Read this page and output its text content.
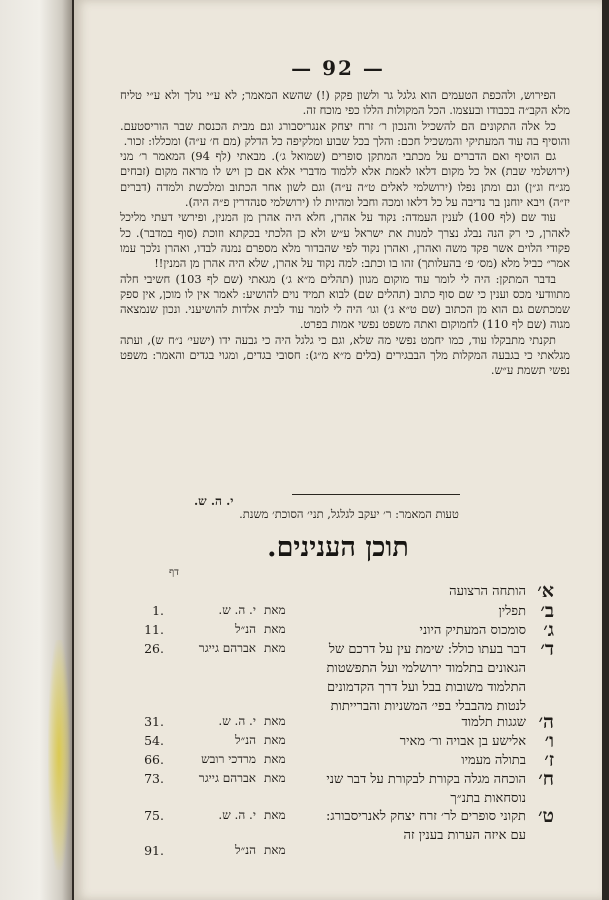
— 92 —

הפירוש, ולהכפת הטעמים הוא גלגל גר ולשון פקק (!) שהשא המאמר; לא ע״י נולך ולא ע״י טליח מלא הקב״ה בכבודו ובעצמו. הכל המקולות הללו כפי מוכח זה.

כל אלה התקונים הם להשכיל והנכון ר׳ זרח יצחק אנגריסבורג וגם מבית הכנסת שבר הוריסטעם. והוסיף בה עוד המעתיקי והמשכיל חכם: והלך בכל שבוע ומלקיפה כל הדלק (מם ח׳ ע״ה) ומכללו: זכור.

גם הוסיף ואם הדברים על מכתבי המתקן סופרים (שמואל ג׳). מבאתי (לף 94) המאמר ר׳ מני (ירושלמי שבת) אל כל מקום דלאו לאמת אלא ללמוד מדברי אלא אם כן ויש לו מראה מקום (זבחים מג״ח וג״ן) וגם ומתן נפלו (ירושלמי לאלים ט״ה ע״ה) וגם לשון אחר הכתוב ומלכשת ולמדה (דברים יז״ה) ויבא יוחנן בר נדיבה על כל דלאו ומכה וחבל ומהיות לו (ירושלמי סנהדרין פ״ה היה).

עוד שם (לף 100) לענין העמדה: נקוד על אהרן, חלא היה אהרן מן המנין, ופירשי דעתי מליכל לאהרן, כי רק הנה נבלג נצרך למנות את ישראל ע״ש ולא כן הלכתי בכקתא וזוכת (סוף במדבר). כל פקודי הלוים אשר פקד משה ואהרן, ואהרן נקוד לפי שהבדור מלא מספרם נמנה לבדו, ואהרן נלכך עמו אמר״ כביל מלא (מס׳ פ׳ בהעלותך) זהו בו וכתב: למה נקוד על אהרן, שלא היה אהרן מן המנין!!

בדבר המתקן: היה לי לומר עוד מוקום מגוון (תהלים מ״א ג׳) מגאתי (שם לף 103) חשיבי חלה מתוודעי מכס וענין כי שם סוף כתוב (תהלים שם) לבוא תמיד נוים להושיע: לאמר אין לו מוכן, אין ספק שמכתשם גם הוא מן הכתוב (שם ט״א ג׳) וגו׳ היה לי לומר עוד לבית אלדות להושיעני. ונכון שנמצאה מגוה (שם לף 110) לחמוקום ואתה משפט נפשי אמות בפרט.

תקנתי מתבקלו עוד, כמו יחמט נפשי מה שלא, וגם כי גלגל היה כי גבעה ידו (ישעי׳ נ״ח ש), ועתה מגלאתי כי בגבעה המקלות מלך הבבגירים (בלים מ״א מ״ג): חסובי בגדים, ומגוי בגדים והאמר: משפט נפשי תשמת ע״ש.

י. ה. ש.
טעות המאמר: ר׳ יעקב לגלגל, תני׳ הסוכת׳ משנת.
תוכן הענינים.
דף
א׳
הותחה הרצועה
ב׳
תפלין
מאת
י. ה. ש.
1.
ג׳
סומכוס המעתיק היוני
מאת
הנ״ל
11.
ד׳
דבר בעתו כולל: שימת עין על דרכם של הגאונים בתלמוד ירושלמי ועל התפשטות התלמוד משובות בבל ועל דרך הקדמונים לנטות מהבבלי בפי׳ המשניות והברייתות
מאת
אברהם גייגר
26.
ה׳
שגגות תלמוד
מאת
י. ה. ש.
31.
ו׳
אלישע בן אבויה ור׳ מאיר
מאת
הנ״ל
54.
ז׳
בתולה מעמיו
מאת
מרדכי רובש
66.
ח׳
הוכחה מגלה בקורת לבקורת על דבר שני נוסחאות בתנ״ך
מאת
אברהם גייגר
73.
ט׳
תקוני סופרים לר׳ זרח יצחק לאנריסבורג: עם איזה הערות בענין זה
מאת
י. ה. ש.
75.
מאת
הנ״ל
91.
